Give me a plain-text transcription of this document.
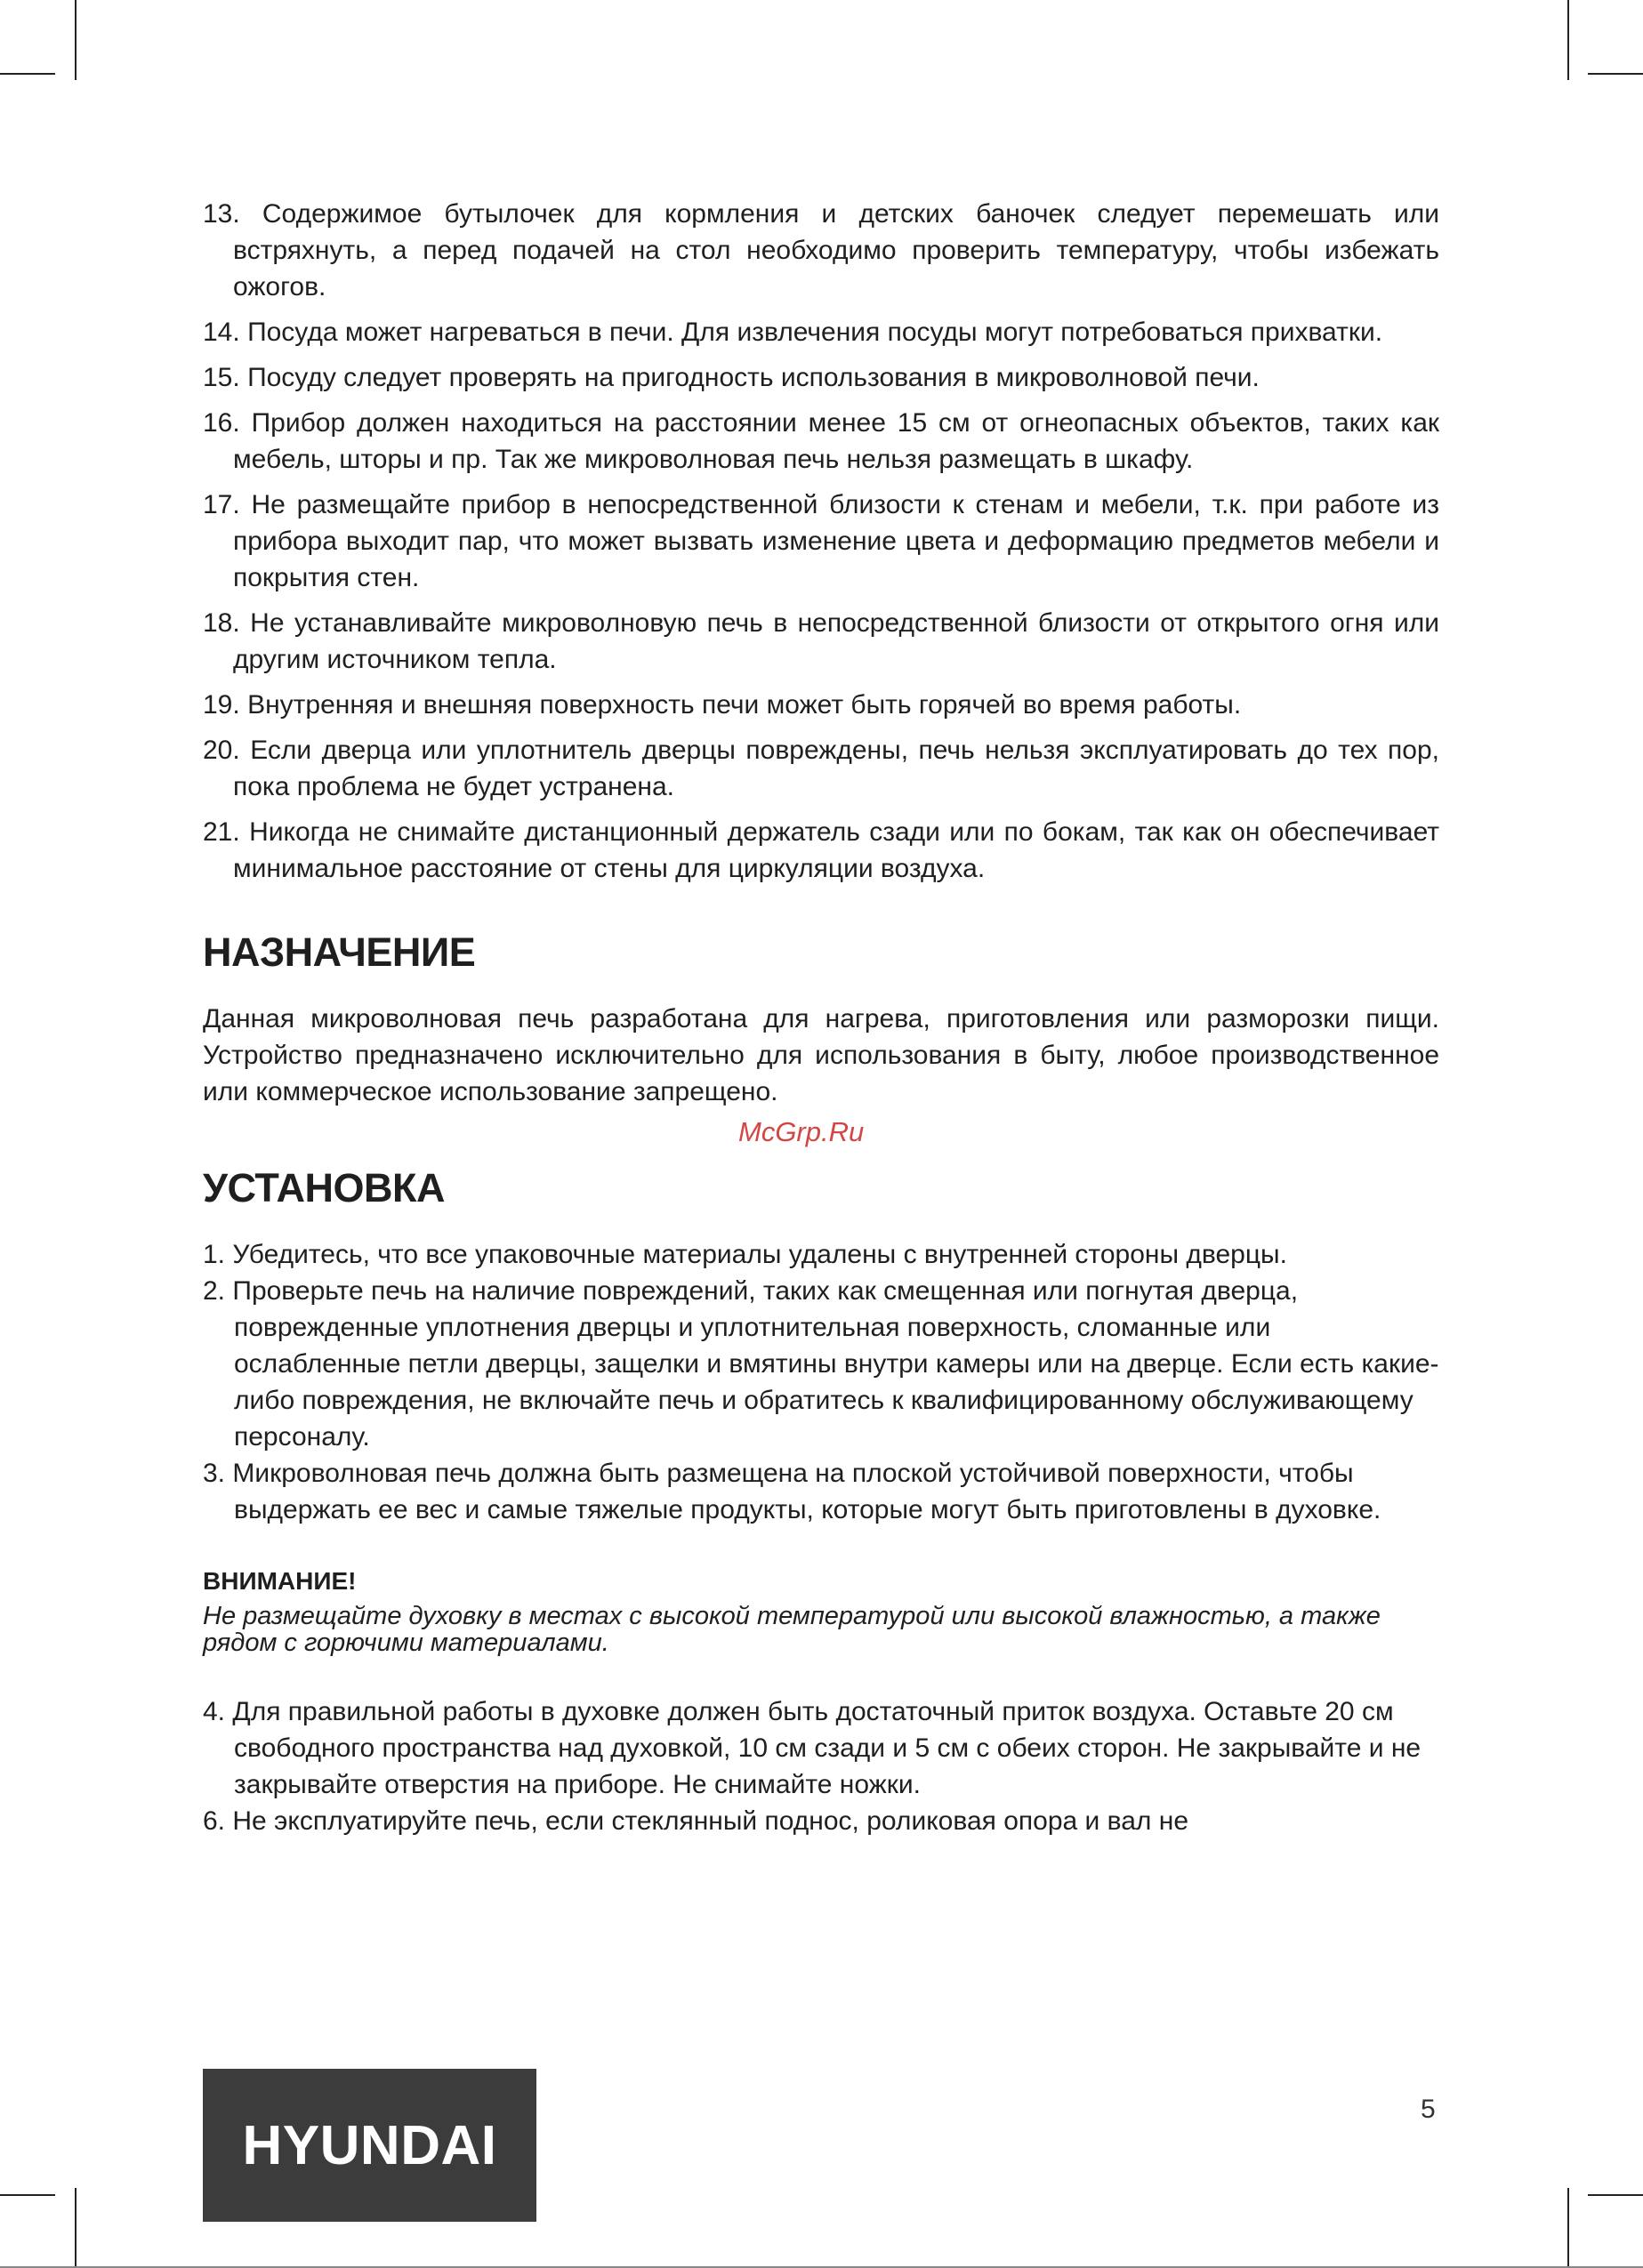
13. Содержимое бутылочек для кормления и детских баночек следует перемешать или встряхнуть, а перед подачей на стол необходимо проверить температуру, чтобы избежать ожогов.
14. Посуда может нагреваться в печи. Для извлечения посуды могут потребоваться прихватки.
15. Посуду следует проверять на пригодность использования в микроволновой печи.
16. Прибор должен находиться на расстоянии менее 15 см от огнеопасных объектов, таких как мебель, шторы и пр. Так же микроволновая печь нельзя размещать в шкафу.
17. Не размещайте прибор в непосредственной близости к стенам и мебели, т.к. при работе из прибора выходит пар, что может вызвать изменение цвета и деформацию предметов мебели и покрытия стен.
18. Не устанавливайте микроволновую печь в непосредственной близости от открытого огня или другим источником тепла.
19. Внутренняя и внешняя поверхность печи может быть горячей во время работы.
20. Если дверца или уплотнитель дверцы повреждены, печь нельзя эксплуатировать до тех пор, пока проблема не будет устранена.
21. Никогда не снимайте дистанционный держатель сзади или по бокам, так как он обеспечивает минимальное расстояние от стены для циркуляции воздуха.
НАЗНАЧЕНИЕ

Данная микроволновая печь разработана для нагрева, приготовления или разморозки пищи. Устройство предназначено исключительно для использования в быту, любое производственное или коммерческое использование запрещено.

УСТАНОВКА
1. Убедитесь, что все упаковочные материалы удалены с внутренней стороны дверцы.
2. Проверьте печь на наличие повреждений, таких как смещенная или погнутая дверца, поврежденные уплотнения дверцы и уплотнительная поверхность, сломанные или ослабленные петли дверцы, защелки и вмятины внутри камеры или на дверце. Если есть какие-либо повреждения, не включайте печь и обратитесь к квалифицированному обслуживающему персоналу.
3. Микроволновая печь должна быть размещена на плоской устойчивой поверхности, чтобы выдержать ее вес и самые тяжелые продукты, которые могут быть приготовлены в духовке.

ВНИМАНИЕ!

Не размещайте духовку в местах с высокой температурой или высокой влажностью, а также рядом с горючими материалами.

4. Для правильной работы в духовке должен быть достаточный приток воздуха. Оставьте 20 см свободного пространства над духовкой, 10 см сзади и 5 см с обеих сторон. Не закрывайте и не закрывайте отверстия на приборе. Не снимайте ножки.
6. Не эксплуатируйте печь, если стеклянный поднос, роликовая опора и вал не
McGrp.Ru
HYUNDAI
5
